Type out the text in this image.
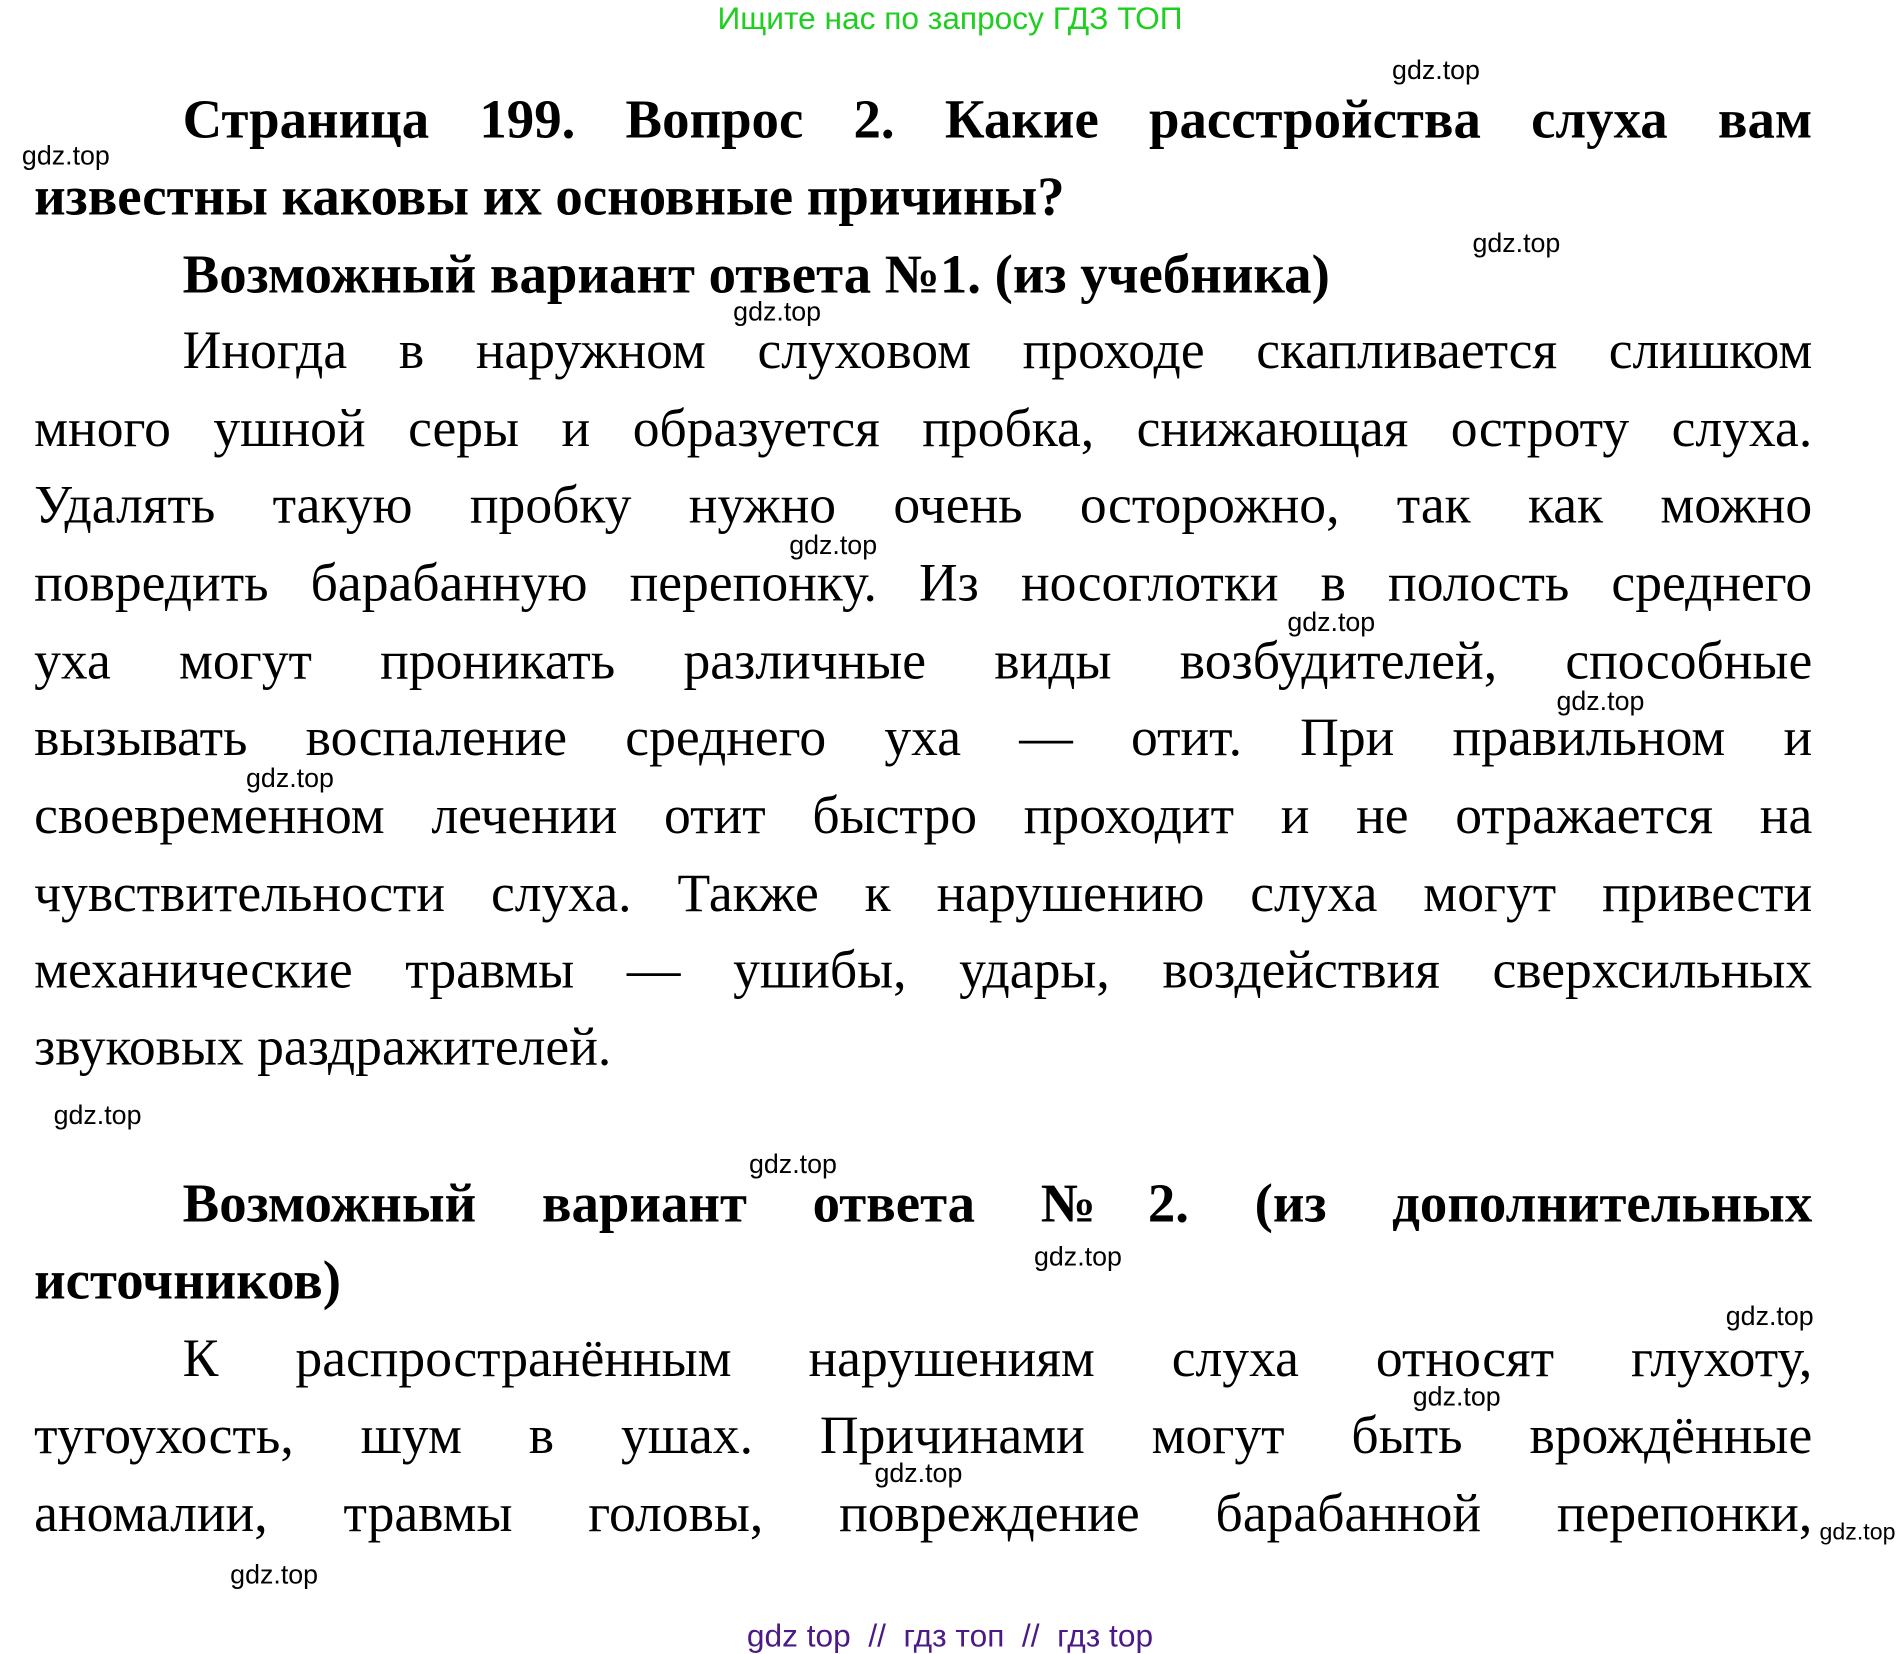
Ищите нас по запросу ГДЗ ТОП
Страница 199. Вопрос 2. Какие расстройства слуха вам
известны каковы их основные причины?
Возможный вариант ответа №1. (из учебника)
Иногда в наружном слуховом проходе скапливается слишком
много ушной серы и образуется пробка, снижающая остроту слуха.
Удалять такую пробку нужно очень осторожно, так как можно
повредить барабанную перепонку. Из носоглотки в полость среднего
уха могут проникать различные виды возбудителей, способные
вызывать воспаление среднего уха — отит. При правильном и
своевременном лечении отит быстро проходит и не отражается на
чувствительности слуха. Также к нарушению слуха могут привести
механические травмы — ушибы, удары, воздействия сверхсильных
звуковых раздражителей.
Возможный вариант ответа №2. (из дополнительных
источников)
К распространённым нарушениям слуха относят глухоту,
тугоухость, шум в ушах. Причинами могут быть врождённые
аномалии, травмы головы, повреждение барабанной перепонки,
gdz.top
gdz.top
gdz.top
gdz.top
gdz.top
gdz.top
gdz.top
gdz.top
gdz.top
gdz.top
gdz.top
gdz.top
gdz.top
gdz.top
gdz.top
gdz.top
gdz top  //  гдз топ  //  гдз top
